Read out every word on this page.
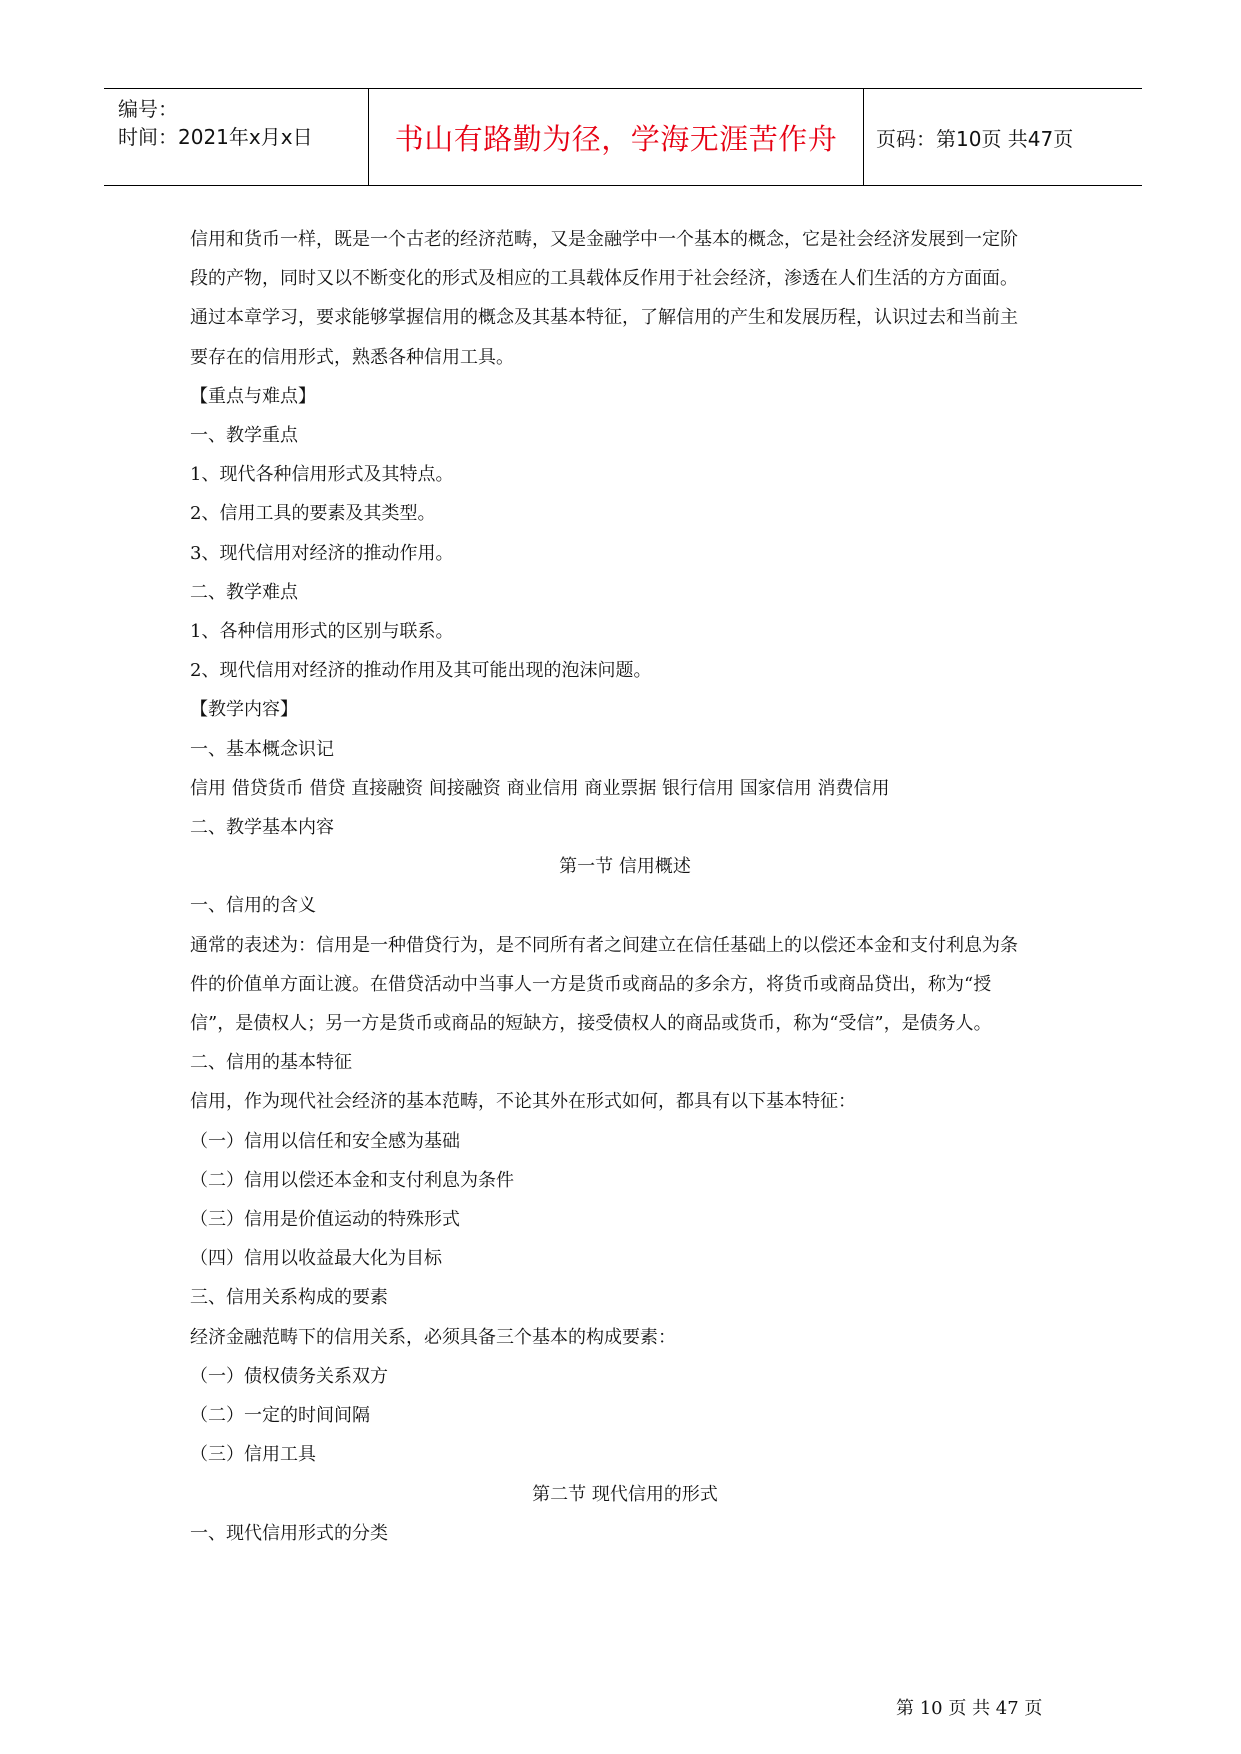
编号：
时间：2021年x月x日	书山有路勤为径，学海无涯苦作舟 页码：第10页 共47页

信用和货币一样，既是一个古老的经济范畴，又是金融学中一个基本的概念，它是社会经济发展到一定阶

段的产物，同时又以不断变化的形式及相应的工具载体反作用于社会经济，渗透在人们生活的方方面面。

通过本章学习，要求能够掌握信用的概念及其基本特征，了解信用的产生和发展历程，认识过去和当前主

要存在的信用形式，熟悉各种信用工具。

【重点与难点】

一、教学重点

1、现代各种信用形式及其特点。

2、信用工具的要素及其类型。

3、现代信用对经济的推动作用。

二、教学难点

1、各种信用形式的区别与联系。

2、现代信用对经济的推动作用及其可能出现的泡沫问题。

【教学内容】

一、基本概念识记

信用 借贷货币 借贷 直接融资 间接融资 商业信用 商业票据 银行信用 国家信用 消费信用

二、教学基本内容

第一节 信用概述

一、信用的含义

通常的表述为：信用是一种借贷行为，是不同所有者之间建立在信任基础上的以偿还本金和支付利息为条

件的价值单方面让渡。在借贷活动中当事人一方是货币或商品的多余方，将货币或商品贷出，称为“授

信”，是债权人；另一方是货币或商品的短缺方，接受债权人的商品或货币，称为“受信”，是债务人。

二、信用的基本特征

信用，作为现代社会经济的基本范畴，不论其外在形式如何，都具有以下基本特征：

（一）信用以信任和安全感为基础

（二）信用以偿还本金和支付利息为条件

（三）信用是价值运动的特殊形式

（四）信用以收益最大化为目标

三、信用关系构成的要素

经济金融范畴下的信用关系，必须具备三个基本的构成要素：

（一）债权债务关系双方

（二）一定的时间间隔

（三）信用工具

第二节 现代信用的形式

一、现代信用形式的分类

第 10 页 共 47 页
